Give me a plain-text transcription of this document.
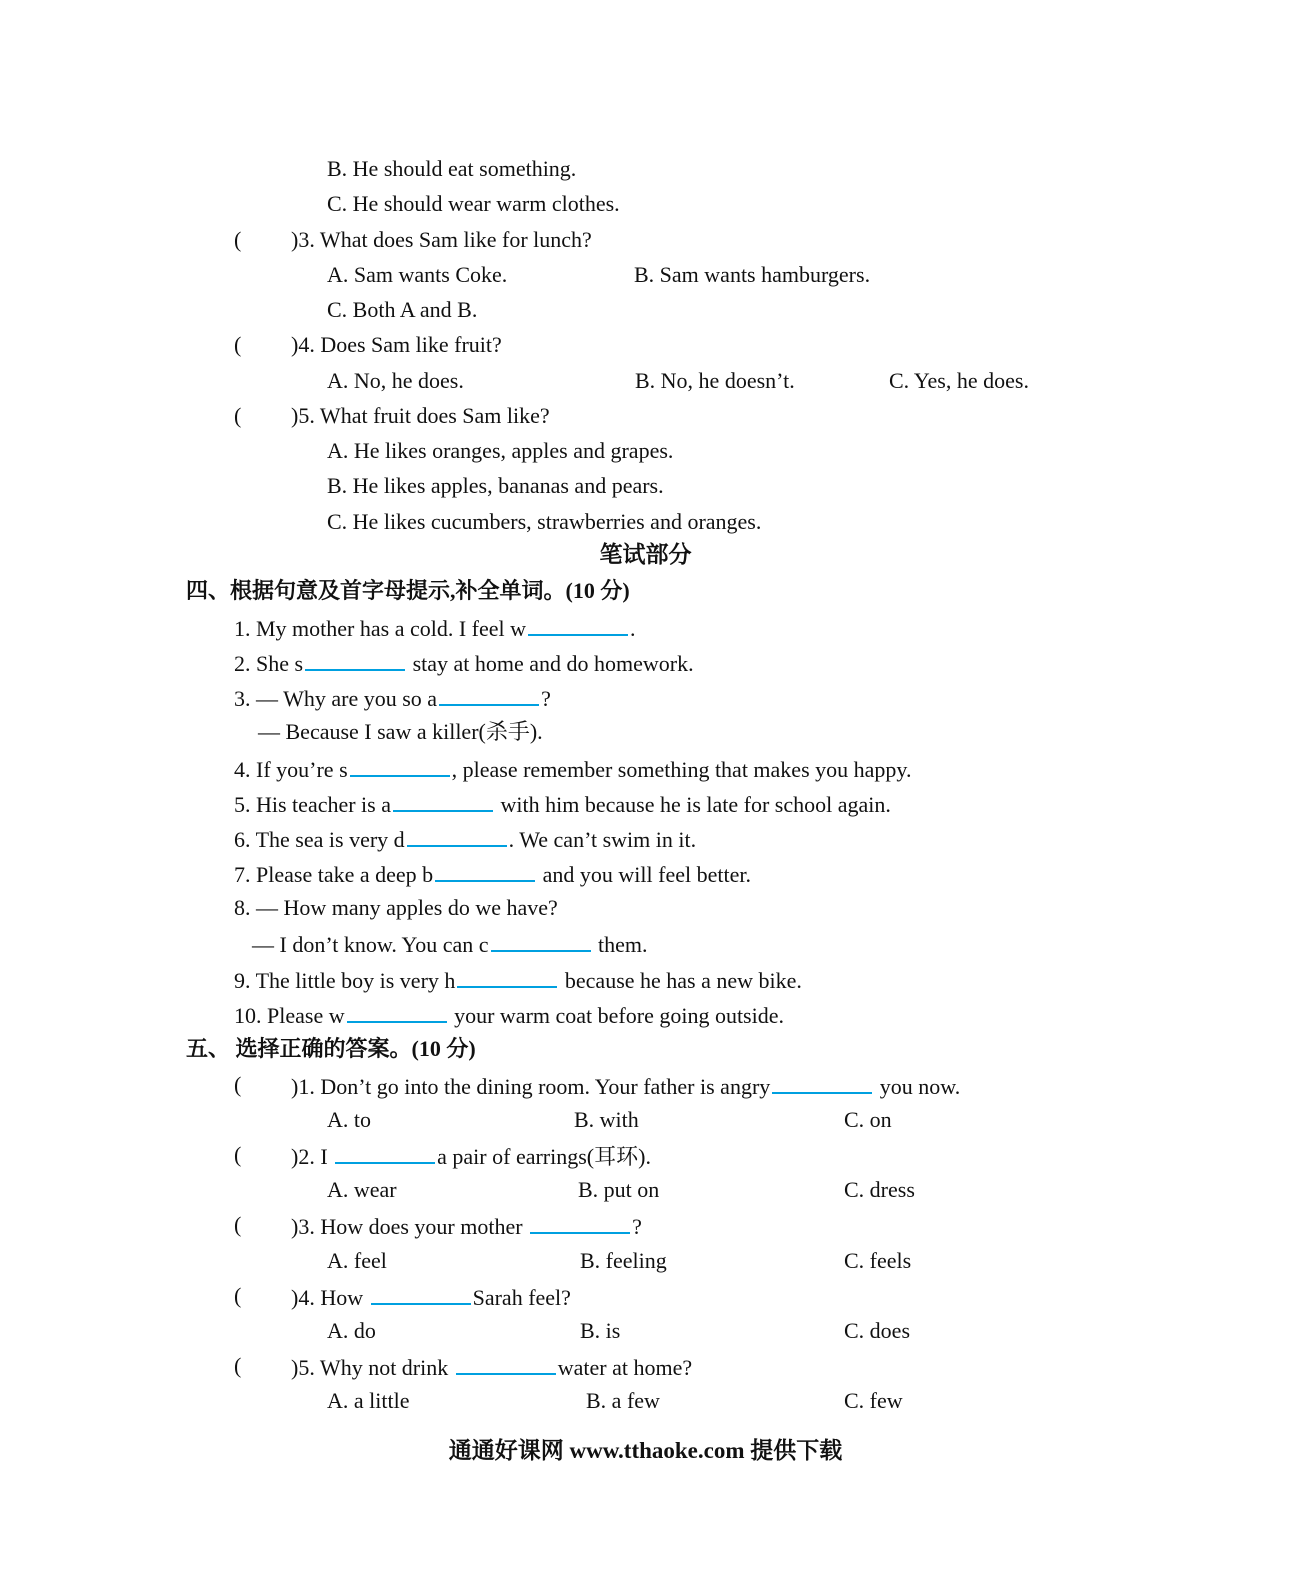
B. He should eat something.
C. He should wear warm clothes.
( )3. What does Sam like for lunch?
A. Sam wants Coke.	B. Sam wants hamburgers.
C. Both A and B.
( )4. Does Sam like fruit?
A. No, he does.	B. No, he doesn’t.	C. Yes, he does.
( )5. What fruit does Sam like?
A. He likes oranges, apples and grapes.
B. He likes apples, bananas and pears.
C. He likes cucumbers, strawberries and oranges.
笔试部分
四、根据句意及首字母提示,补全单词。(10 分)
1. My mother has a cold. I feel w	.
2. She s	stay at home and do homework.
3. — Why are you so a	?
— Because I saw a killer(杀手).
4. If you’re s	, please remember something that makes you happy.
5. His teacher is a	with him because he is late for school again.
6. The sea is very d	. We can’t swim in it.
7. Please take a deep b	and you will feel better.
8. — How many apples do we have?
— I don’t know. You can c	them.
9. The little boy is very h	because he has a new bike.
10. Please w	your warm coat before going outside.
五、 选择正确的答案。(10 分)
( )1. Don’t go into the dining room. Your father is angry	you now.
A. to	B. with	C. on
( )2. I	a pair of earrings(耳环).
A. wear	B. put on	C. dress
( )3. How does your mother	?
A. feel	B. feeling	C. feels
( )4. How	Sarah feel?
A. do	B. is	C. does
( )5. Why not drink	water at home?
A. a little	B. a few	C. few
通通好课网 www.tthaoke.com 提供下载
